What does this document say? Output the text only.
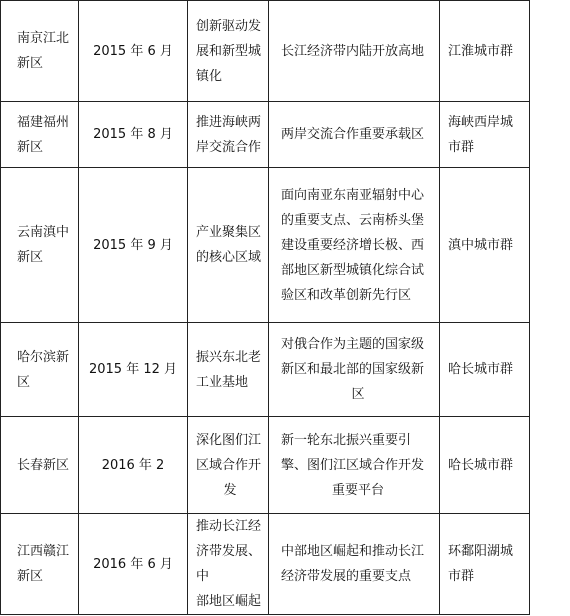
南京江北
新区	2015 年 6 月	创新驱动发
展和新型城
镇化	长江经济带内陆开放高地	江淮城市群
福建福州
新区	2015 年 8 月	推进海峡两
岸交流合作	两岸交流合作重要承载区	海峡西岸城
市群
云南滇中
新区	2015 年 9 月	产业聚集区
的核心区域	面向南亚东南亚辐射中心
的重要支点、云南桥头堡
建设重要经济增长极、西
部地区新型城镇化综合试
验区和改革创新先行区	滇中城市群
哈尔滨新
区	2015 年 12 月	振兴东北老
工业基地	对俄合作为主题的国家级
新区和最北部的国家级新
区	哈长城市群
长春新区	2016 年 2	深化图们江
区域合作开
发	新一轮东北振兴重要引
擎、图们江区域合作开发
重要平台	哈长城市群
江西赣江
新区	2016 年 6 月	推动长江经
济带发展、中
部地区崛起	中部地区崛起和推动长江
经济带发展的重要支点	环鄱阳湖城
市群
